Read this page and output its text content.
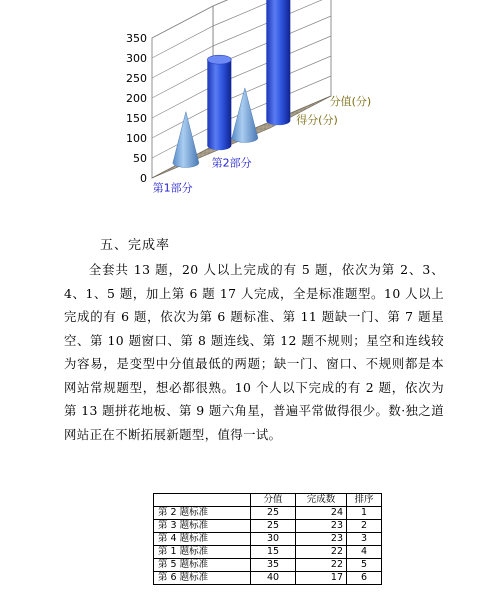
0
50
100
150
200
250
300
350
第1部分
第2部分
分值(分)
得分(分)
五、完成率
全套共 13 题，20 人以上完成的有 5 题，依次为第 2、3、4、1、5 题，加上第 6 题 17 人完成，全是标准题型。10 人以上完成的有 6 题，依次为第 6 题标准、第 11 题缺一门、第 7 题星空、第 10 题窗口、第 8 题连线、第 12 题不规则；星空和连线较为容易，是变型中分值最低的两题；缺一门、窗口、不规则都是本网站常规题型，想必都很熟。10 个人以下完成的有 2 题，依次为第 13 题拼花地板、第 9 题六角星，普遍平常做得很少。数·独之道网站正在不断拓展新题型，值得一试。
	分值	完成数	排序
第 2 题标准	25	24	1
第 3 题标准	25	23	2
第 4 题标准	30	23	3
第 1 题标准	15	22	4
第 5 题标准	35	22	5
第 6 题标准	40	17	6
